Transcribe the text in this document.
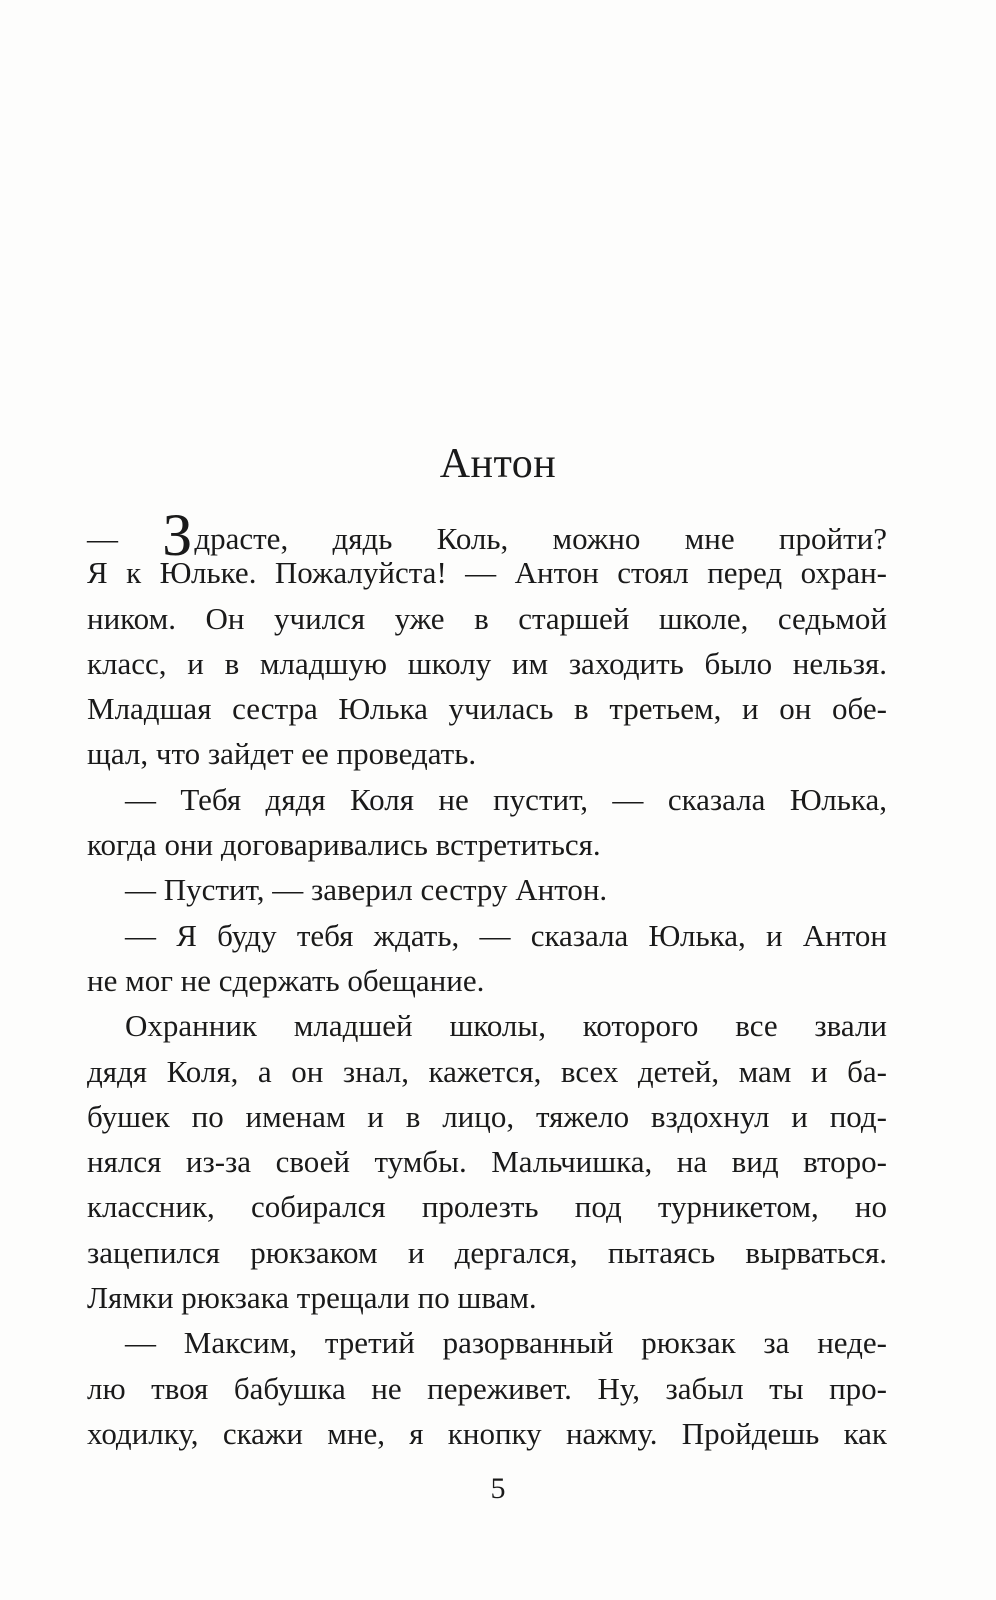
Антон
— Здрасте, дядь Коль, можно мне пройти?
Я к Юльке. Пожалуйста! — Антон стоял перед охран-
ником. Он учился уже в старшей школе, седьмой
класс, и в младшую школу им заходить было нельзя.
Младшая сестра Юлька училась в третьем, и он обе-
щал, что зайдет ее проведать.
— Тебя дядя Коля не пустит, — сказала Юлька,
когда они договаривались встретиться.
— Пустит, — заверил сестру Антон.
— Я буду тебя ждать, — сказала Юлька, и Антон
не мог не сдержать обещание.
Охранник младшей школы, которого все звали
дядя Коля, а он знал, кажется, всех детей, мам и ба-
бушек по именам и в лицо, тяжело вздохнул и под-
нялся из-за своей тумбы. Мальчишка, на вид второ-
классник, собирался пролезть под турникетом, но
зацепился рюкзаком и дергался, пытаясь вырваться.
Лямки рюкзака трещали по швам.
— Максим, третий разорванный рюкзак за неде-
лю твоя бабушка не переживет. Ну, забыл ты про-
ходилку, скажи мне, я кнопку нажму. Пройдешь как
5
